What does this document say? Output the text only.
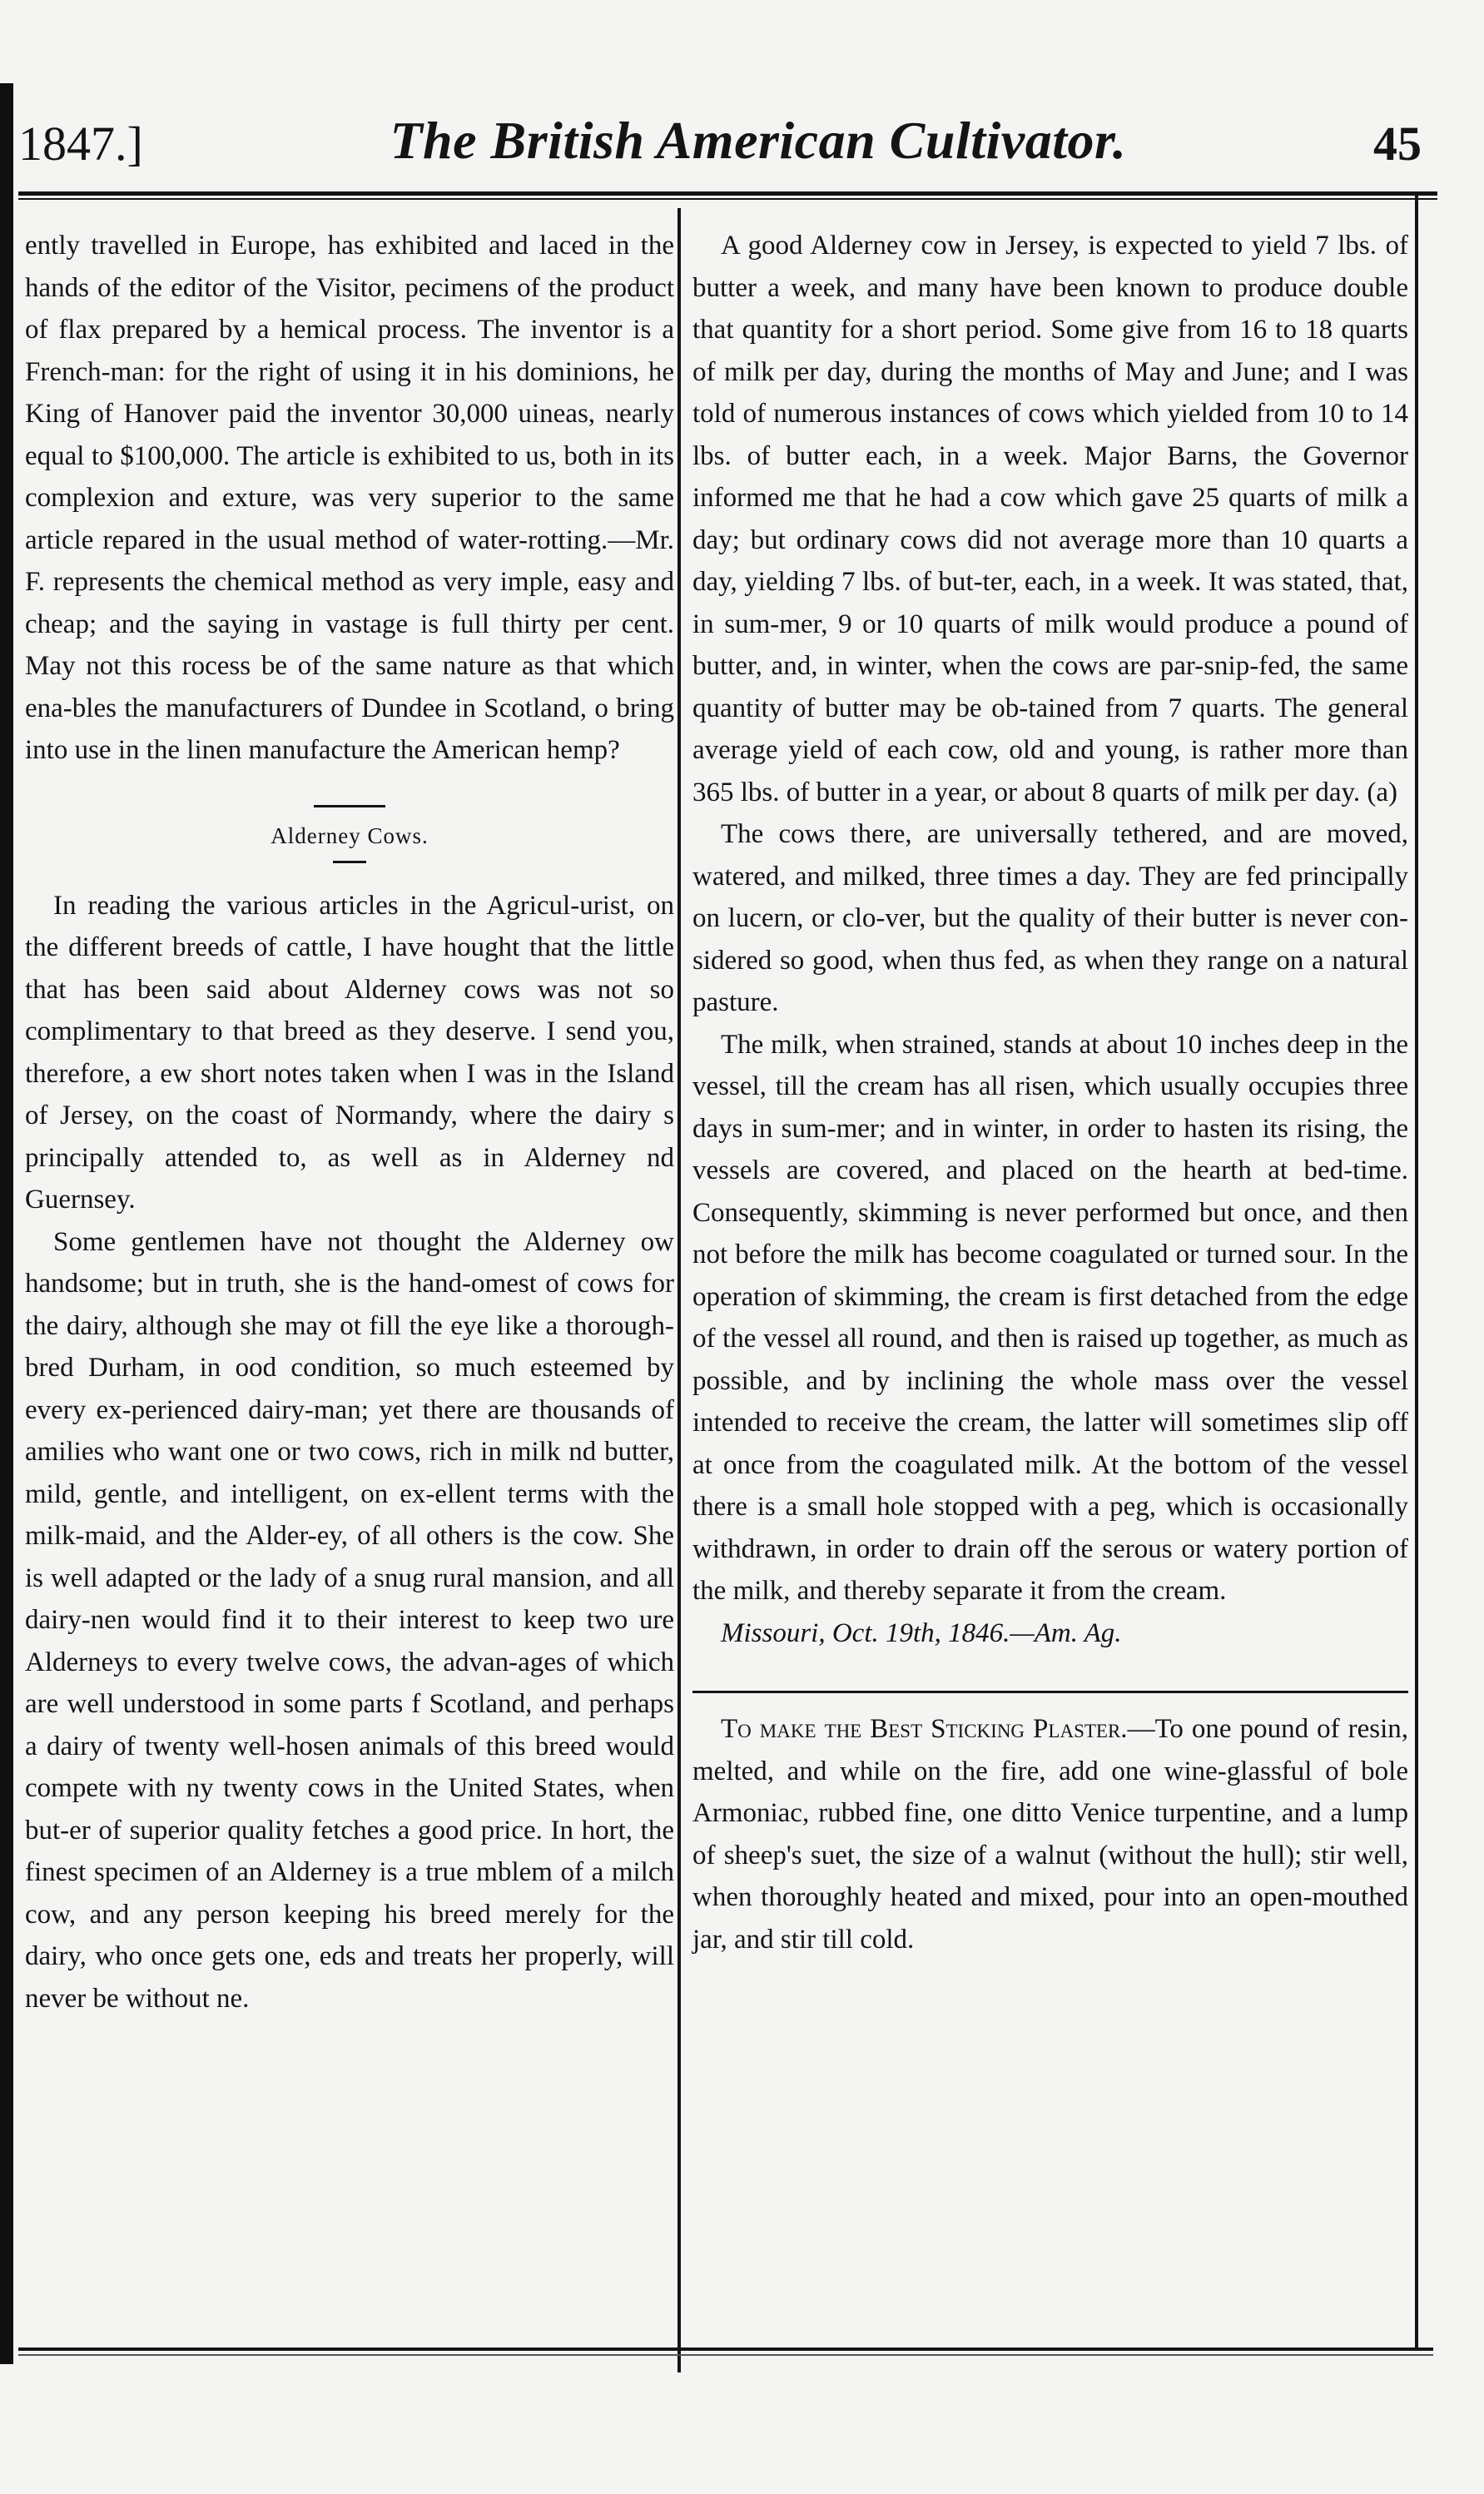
1847.]	The British American Cultivator.	45

ently travelled in Europe, has exhibited and laced in the hands of the editor of the Visitor, pecimens of the product of flax prepared by a hemical process. The inventor is a French-man: for the right of using it in his dominions, he King of Hanover paid the inventor 30,000 uineas, nearly equal to $100,000. The article is exhibited to us, both in its complexion and exture, was very superior to the same article repared in the usual method of water-rotting.—Mr. F. represents the chemical method as very imple, easy and cheap; and the saying in vastage is full thirty per cent. May not this rocess be of the same nature as that which ena-bles the manufacturers of Dundee in Scotland, o bring into use in the linen manufacture the American hemp?

Alderney Cows.

In reading the various articles in the Agricul-urist, on the different breeds of cattle, I have hought that the little that has been said about Alderney cows was not so complimentary to that breed as they deserve. I send you, therefore, a ew short notes taken when I was in the Island of Jersey, on the coast of Normandy, where the dairy s principally attended to, as well as in Alderney nd Guernsey.

Some gentlemen have not thought the Alderney ow handsome; but in truth, she is the hand-omest of cows for the dairy, although she may ot fill the eye like a thorough-bred Durham, in ood condition, so much esteemed by every ex-perienced dairy-man; yet there are thousands of amilies who want one or two cows, rich in milk nd butter, mild, gentle, and intelligent, on ex-ellent terms with the milk-maid, and the Alder-ey, of all others is the cow. She is well adapted or the lady of a snug rural mansion, and all dairy-nen would find it to their interest to keep two ure Alderneys to every twelve cows, the advan-ages of which are well understood in some parts f Scotland, and perhaps a dairy of twenty well-hosen animals of this breed would compete with ny twenty cows in the United States, when but-er of superior quality fetches a good price. In hort, the finest specimen of an Alderney is a true mblem of a milch cow, and any person keeping his breed merely for the dairy, who once gets one, eds and treats her properly, will never be without ne.

A good Alderney cow in Jersey, is expected to yield 7 lbs. of butter a week, and many have been known to produce double that quantity for a short period. Some give from 16 to 18 quarts of milk per day, during the months of May and June; and I was told of numerous instances of cows which yielded from 10 to 14 lbs. of butter each, in a week. Major Barns, the Governor informed me that he had a cow which gave 25 quarts of milk a day; but ordinary cows did not average more than 10 quarts a day, yielding 7 lbs. of but-ter, each, in a week. It was stated, that, in sum-mer, 9 or 10 quarts of milk would produce a pound of butter, and, in winter, when the cows are par-snip-fed, the same quantity of butter may be ob-tained from 7 quarts. The general average yield of each cow, old and young, is rather more than 365 lbs. of butter in a year, or about 8 quarts of milk per day. (a)

The cows there, are universally tethered, and are moved, watered, and milked, three times a day. They are fed principally on lucern, or clo-ver, but the quality of their butter is never con-sidered so good, when thus fed, as when they range on a natural pasture.

The milk, when strained, stands at about 10 inches deep in the vessel, till the cream has all risen, which usually occupies three days in sum-mer; and in winter, in order to hasten its rising, the vessels are covered, and placed on the hearth at bed-time. Consequently, skimming is never performed but once, and then not before the milk has become coagulated or turned sour. In the operation of skimming, the cream is first detached from the edge of the vessel all round, and then is raised up together, as much as possible, and by inclining the whole mass over the vessel intended to receive the cream, the latter will sometimes slip off at once from the coagulated milk. At the bottom of the vessel there is a small hole stopped with a peg, which is occasionally withdrawn, in order to drain off the serous or watery portion of the milk, and thereby separate it from the cream.

Missouri, Oct. 19th, 1846.—Am. Ag.

To make the Best Sticking Plaster.—To one pound of resin, melted, and while on the fire, add one wine-glassful of bole Armoniac, rubbed fine, one ditto Venice turpentine, and a lump of sheep's suet, the size of a walnut (without the hull); stir well, when thoroughly heated and mixed, pour into an open-mouthed jar, and stir till cold.
